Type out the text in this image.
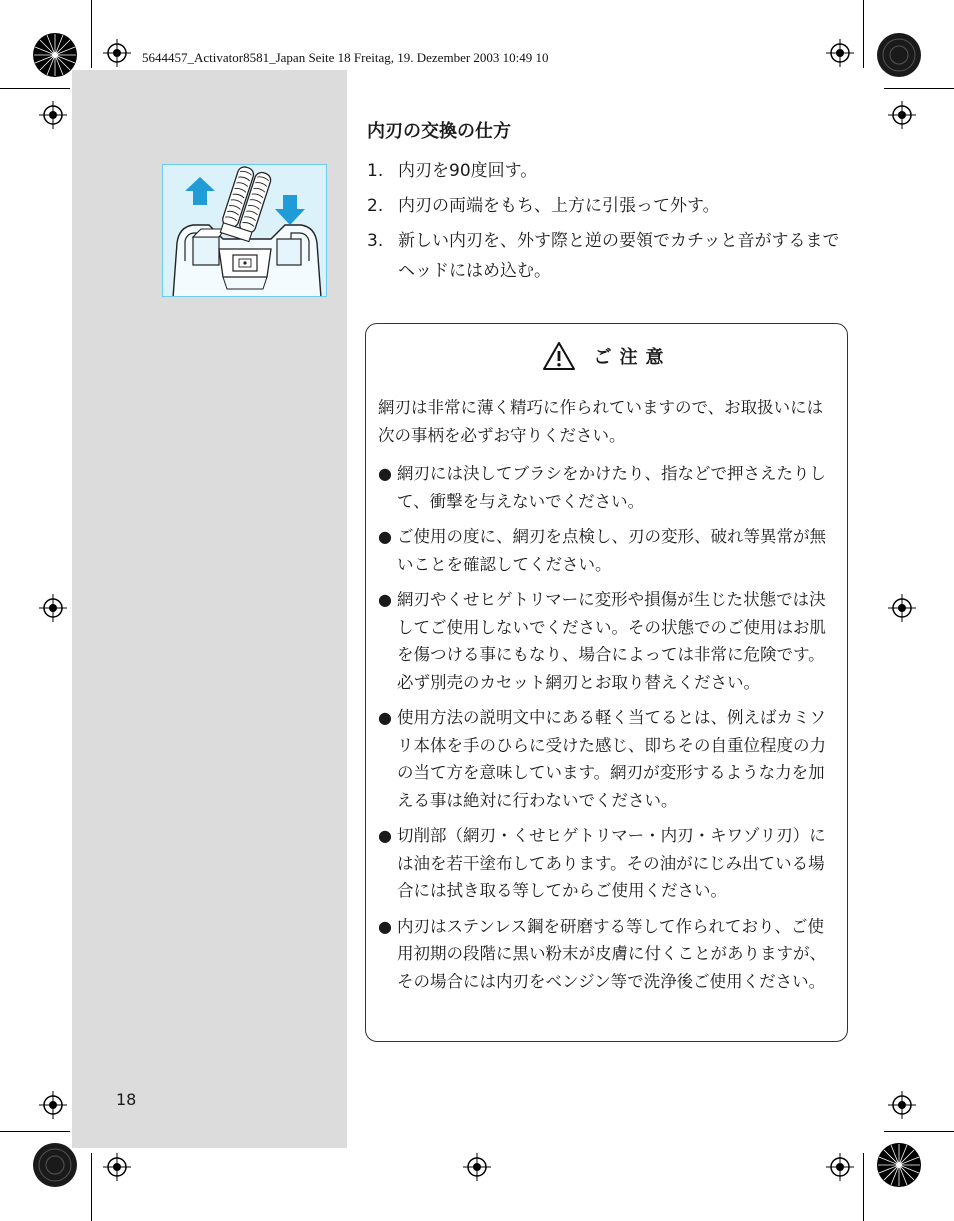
5644457_Activator8581_Japan Seite 18 Freitag, 19. Dezember 2003 10:49 10
内刃の交換の仕方
1. 内刃を90度回す。
2. 内刃の両端をもち、上方に引張って外す。
3. 新しい内刃を、外す際と逆の要領でカチッと音がするまでヘッドにはめ込む。
ご注意

網刃は非常に薄く精巧に作られていますので、お取扱いには次の事柄を必ずお守りください。

● 網刃には決してブラシをかけたり、指などで押さえたりして、衝撃を与えないでください。
● ご使用の度に、網刃を点検し、刃の変形、破れ等異常が無いことを確認してください。
● 網刃やくせヒゲトリマーに変形や損傷が生じた状態では決してご使用しないでください。その状態でのご使用はお肌を傷つける事にもなり、場合によっては非常に危険です。必ず別売のカセット網刃とお取り替えください。
● 使用方法の説明文中にある軽く当てるとは、例えばカミソリ本体を手のひらに受けた感じ、即ちその自重位程度の力の当て方を意味しています。網刃が変形するような力を加える事は絶対に行わないでください。
● 切削部（網刃・くせヒゲトリマー・内刃・キワゾリ刃）には油を若干塗布してあります。その油がにじみ出ている場合には拭き取る等してからご使用ください。
● 内刃はステンレス鋼を研磨する等して作られており、ご使用初期の段階に黒い粉末が皮膚に付くことがありますが、その場合には内刃をベンジン等で洗浄後ご使用ください。
18
